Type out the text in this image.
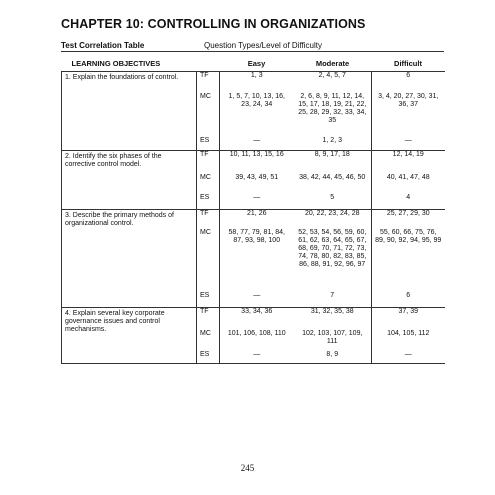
CHAPTER 10: CONTROLLING IN ORGANIZATIONS
Test Correlation Table	Question Types/Level of Difficulty
LEARNING OBJECTIVES		Easy	Moderate	Difficult
1. Explain the foundations of control.	TF	1, 3	2, 4, 5, 7	6
	MC	1, 5, 7, 10, 13, 16, 23, 24, 34	2, 6, 8, 9, 11, 12, 14, 15, 17, 18, 19, 21, 22, 25, 28, 29, 32, 33, 34, 35	3, 4, 20, 27, 30, 31, 36, 37
	ES	—	1, 2, 3	—
2. Identify the six phases of the corrective control model.	TF	10, 11, 13, 15, 16	8, 9, 17, 18	12, 14, 19
	MC	39, 43, 49, 51	38, 42, 44, 45, 46, 50	40, 41, 47, 48
	ES	—	5	4
3. Describe the primary methods of organizational control.	TF	21, 26	20, 22, 23, 24, 28	25, 27, 29, 30
	MC	58, 77, 79, 81, 84, 87, 93, 98, 100	52, 53, 54, 56, 59, 60, 61, 62, 63, 64, 65, 67, 68, 69, 70, 71, 72, 73, 74, 78, 80, 82, 83, 85, 86, 88, 91, 92, 96, 97	55, 60, 66, 75, 76, 89, 90, 92, 94, 95, 99
	ES	—	7	6
4. Explain several key corporate governance issues and control mechanisms.	TF	33, 34, 36	31, 32, 35, 38	37, 39
	MC	101, 106, 108, 110	102, 103, 107, 109, 111	104, 105, 112
	ES	—	8, 9	—
245
